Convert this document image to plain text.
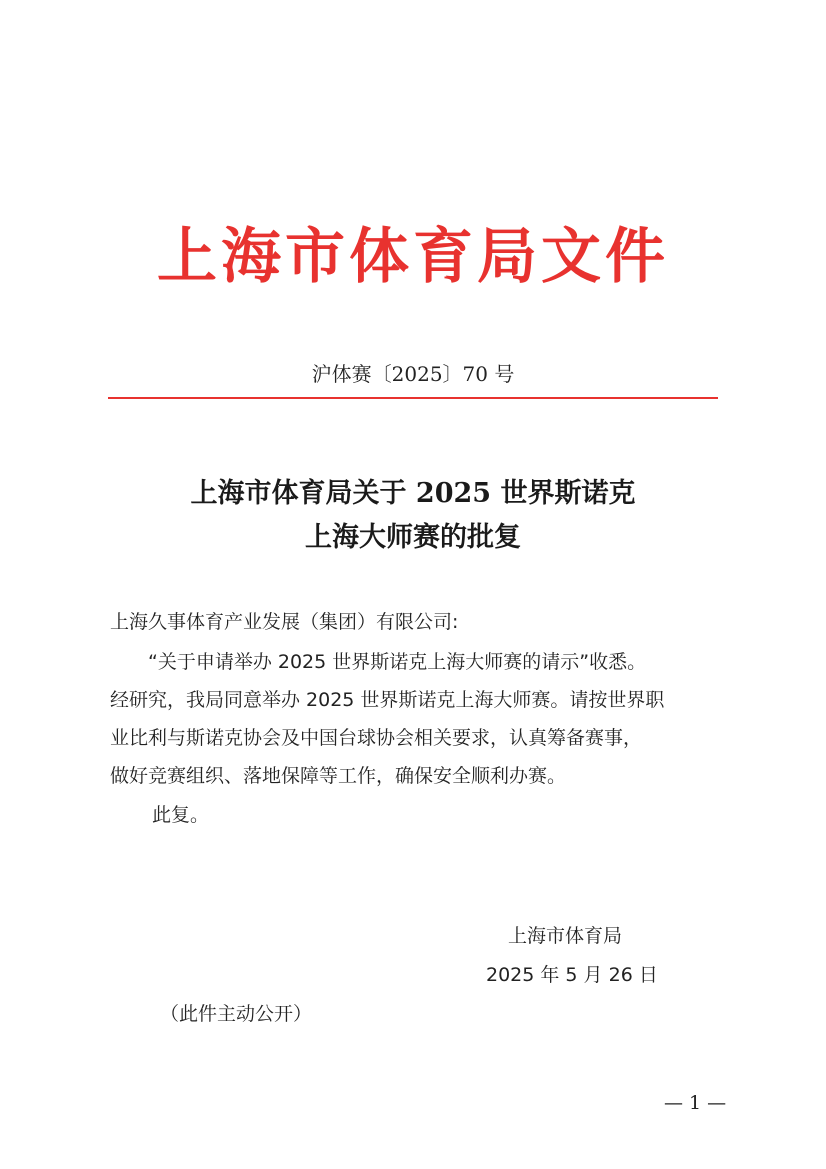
上海市体育局文件
沪体赛〔2025〕70 号
上海市体育局关于 2025 世界斯诺克
上海大师赛的批复
上海久事体育产业发展（集团）有限公司:
“关于申请举办 2025 世界斯诺克上海大师赛的请示”收悉。
经研究，我局同意举办 2025 世界斯诺克上海大师赛。请按世界职
业比利与斯诺克协会及中国台球协会相关要求，认真筹备赛事，
做好竞赛组织、落地保障等工作，确保安全顺利办赛。
此复。
上海市体育局
2025 年 5 月 26 日
（此件主动公开）
— 1 —
